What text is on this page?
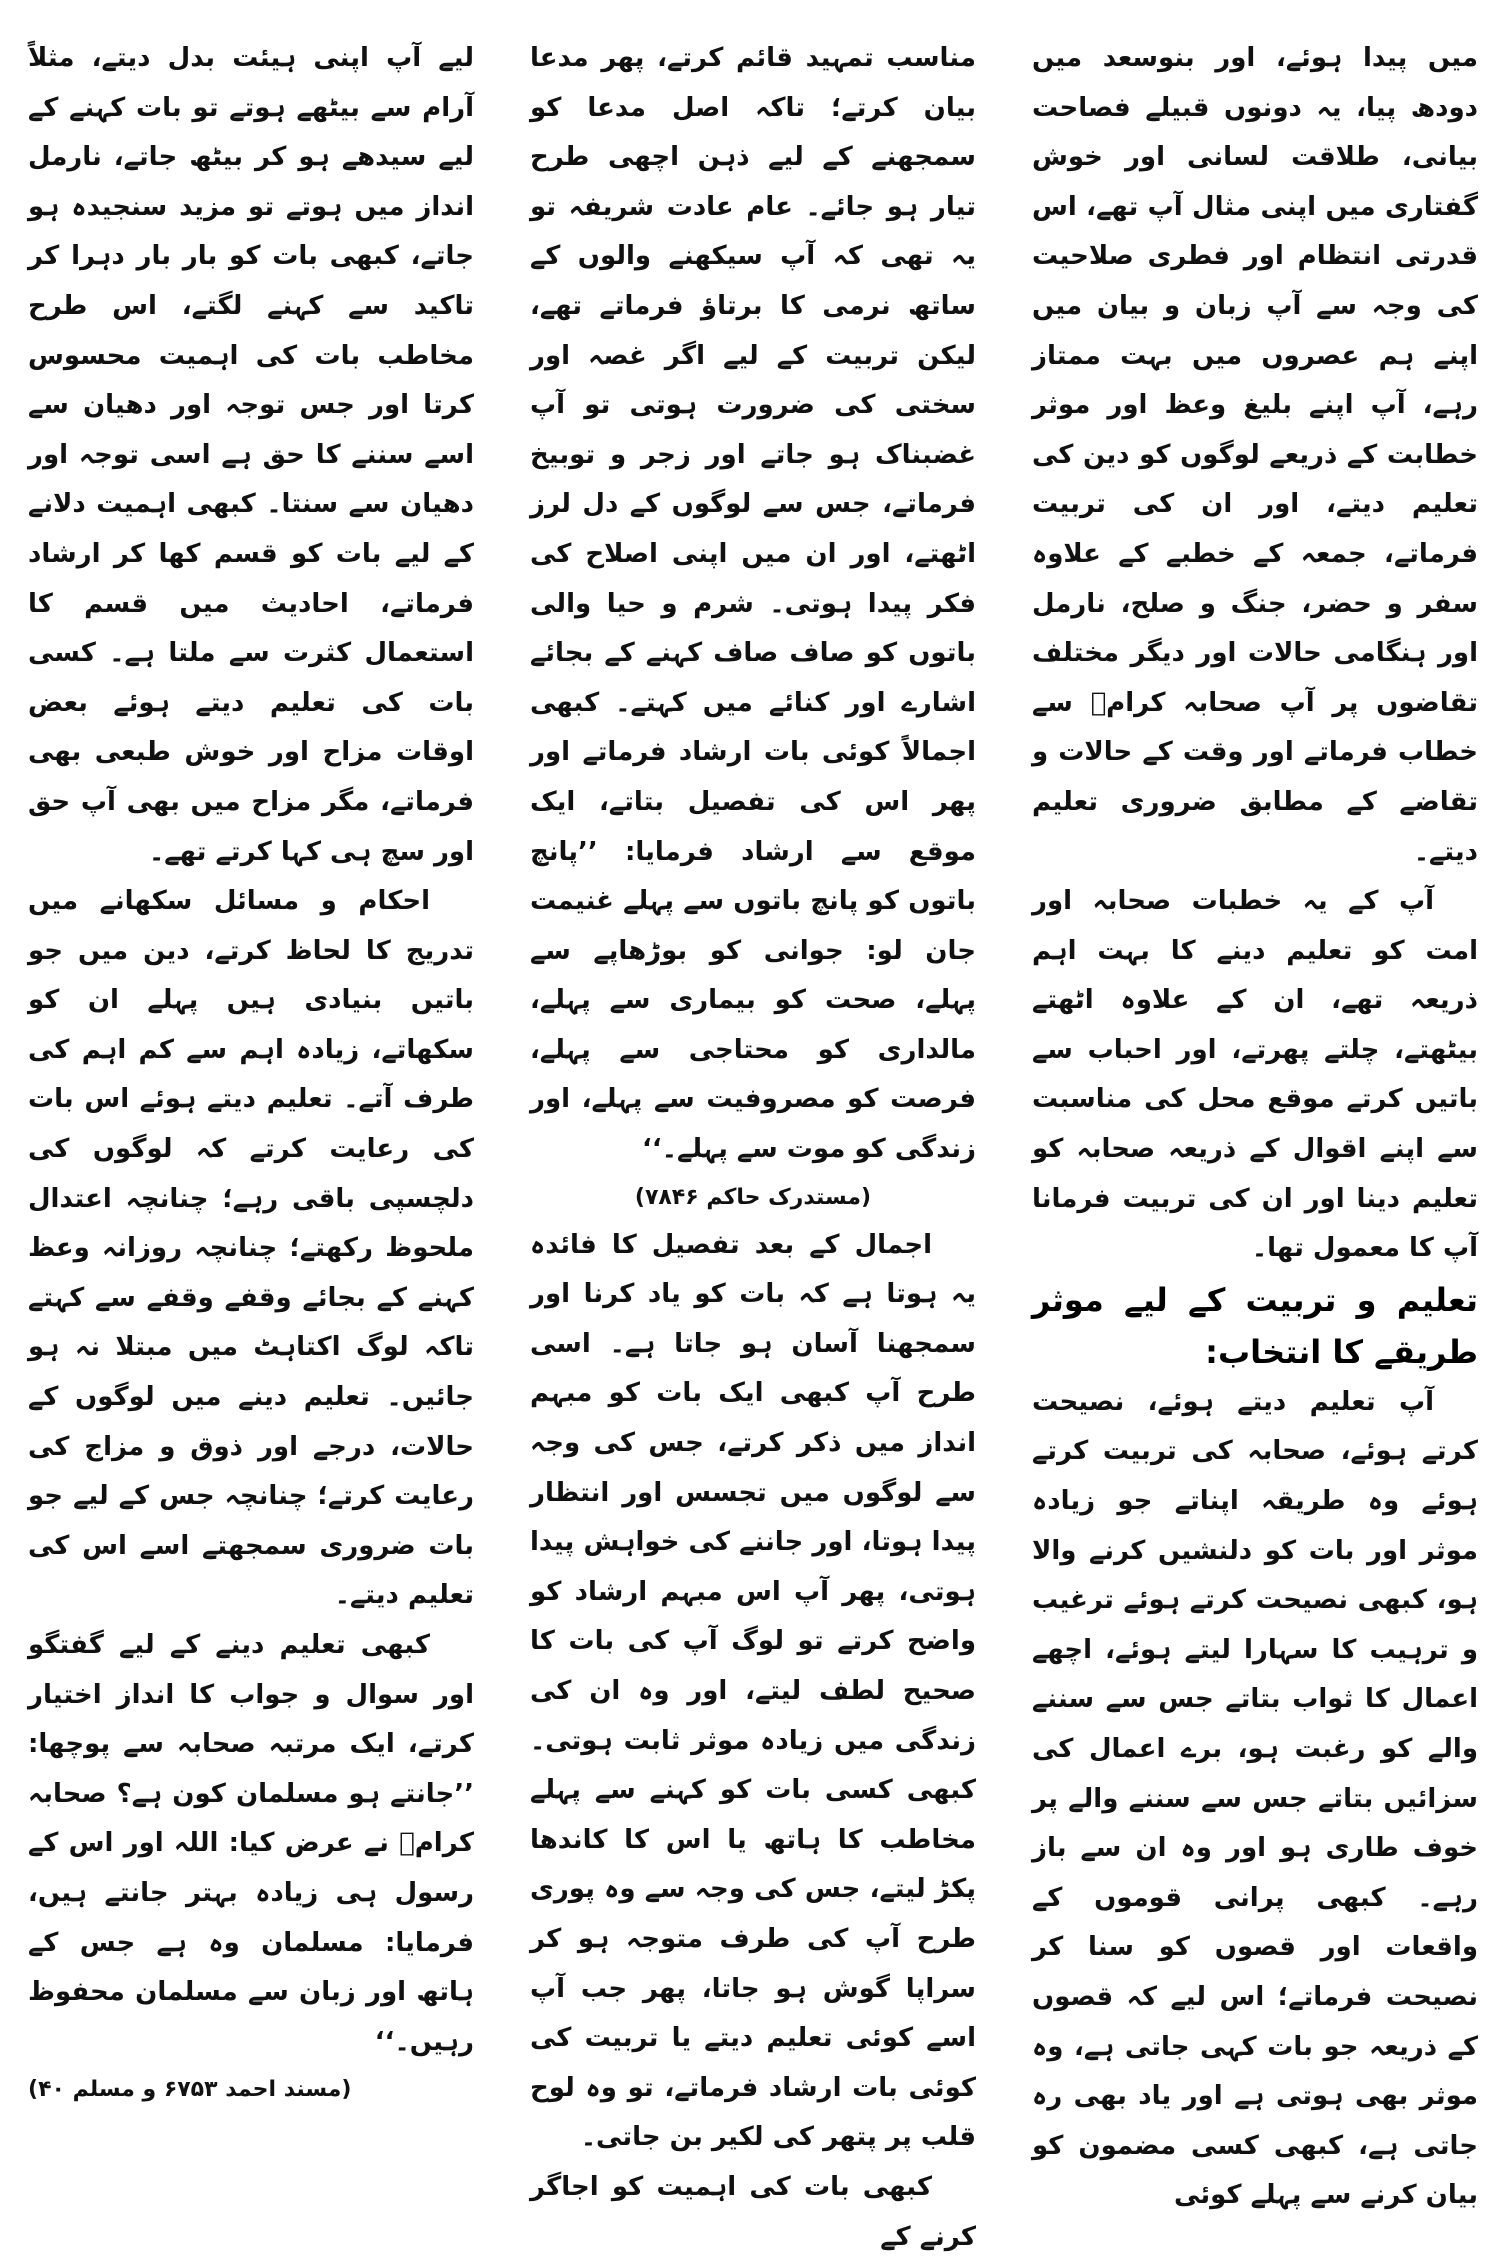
میں پیدا ہوئے، اور بنوسعد میں دودھ پیا، یہ دونوں قبیلے فصاحت بیانی، طلاقت لسانی اور خوش گفتاری میں اپنی مثال آپ تھے، اس قدرتی انتظام اور فطری صلاحیت کی وجہ سے آپ زبان و بیان میں اپنے ہم عصروں میں بہت ممتاز رہے، آپ اپنے بلیغ وعظ اور موثر خطابت کے ذریعے لوگوں کو دین کی تعلیم دیتے، اور ان کی تربیت فرماتے، جمعہ کے خطبے کے علاوہ سفر و حضر، جنگ و صلح، نارمل اور ہنگامی حالات اور دیگر مختلف تقاضوں پر آپ صحابہ کرامؓ سے خطاب فرماتے اور وقت کے حالات و تقاضے کے مطابق ضروری تعلیم دیتے۔

آپ کے یہ خطبات صحابہ اور امت کو تعلیم دینے کا بہت اہم ذریعہ تھے، ان کے علاوہ اٹھتے بیٹھتے، چلتے پھرتے، اور احباب سے باتیں کرتے موقع محل کی مناسبت سے اپنے اقوال کے ذریعہ صحابہ کو تعلیم دینا اور ان کی تربیت فرمانا آپ کا معمول تھا۔

تعلیم و تربیت کے لیے موثر طریقے کا انتخاب:

آپ تعلیم دیتے ہوئے، نصیحت کرتے ہوئے، صحابہ کی تربیت کرتے ہوئے وہ طریقہ اپناتے جو زیادہ موثر اور بات کو دلنشیں کرنے والا ہو، کبھی نصیحت کرتے ہوئے ترغیب و ترہیب کا سہارا لیتے ہوئے، اچھے اعمال کا ثواب بتاتے جس سے سننے والے کو رغبت ہو، برے اعمال کی سزائیں بتاتے جس سے سننے والے پر خوف طاری ہو اور وہ ان سے باز رہے۔ کبھی پرانی قوموں کے واقعات اور قصوں کو سنا کر نصیحت فرماتے؛ اس لیے کہ قصوں کے ذریعہ جو بات کہی جاتی ہے، وہ موثر بھی ہوتی ہے اور یاد بھی رہ جاتی ہے، کبھی کسی مضمون کو بیان کرنے سے پہلے کوئی

مناسب تمہید قائم کرتے، پھر مدعا بیان کرتے؛ تاکہ اصل مدعا کو سمجھنے کے لیے ذہن اچھی طرح تیار ہو جائے۔ عام عادت شریفہ تو یہ تھی کہ آپ سیکھنے والوں کے ساتھ نرمی کا برتاؤ فرماتے تھے، لیکن تربیت کے لیے اگر غصہ اور سختی کی ضرورت ہوتی تو آپ غضبناک ہو جاتے اور زجر و توبیخ فرماتے، جس سے لوگوں کے دل لرز اٹھتے، اور ان میں اپنی اصلاح کی فکر پیدا ہوتی۔ شرم و حیا والی باتوں کو صاف صاف کہنے کے بجائے اشارے اور کنائے میں کہتے۔ کبھی اجمالاً کوئی بات ارشاد فرماتے اور پھر اس کی تفصیل بتاتے، ایک موقع سے ارشاد فرمایا: ’’پانچ باتوں کو پانچ باتوں سے پہلے غنیمت جان لو: جوانی کو بوڑھاپے سے پہلے، صحت کو بیماری سے پہلے، مالداری کو محتاجی سے پہلے، فرصت کو مصروفیت سے پہلے، اور زندگی کو موت سے پہلے۔‘‘

(مستدرک حاکم ۷۸۴۶)

اجمال کے بعد تفصیل کا فائدہ یہ ہوتا ہے کہ بات کو یاد کرنا اور سمجھنا آسان ہو جاتا ہے۔ اسی طرح آپ کبھی ایک بات کو مبہم انداز میں ذکر کرتے، جس کی وجہ سے لوگوں میں تجسس اور انتظار پیدا ہوتا، اور جاننے کی خواہش پیدا ہوتی، پھر آپ اس مبہم ارشاد کو واضح کرتے تو لوگ آپ کی بات کا صحیح لطف لیتے، اور وہ ان کی زندگی میں زیادہ موثر ثابت ہوتی۔ کبھی کسی بات کو کہنے سے پہلے مخاطب کا ہاتھ یا اس کا کاندھا پکڑ لیتے، جس کی وجہ سے وہ پوری طرح آپ کی طرف متوجہ ہو کر سراپا گوش ہو جاتا، پھر جب آپ اسے کوئی تعلیم دیتے یا تربیت کی کوئی بات ارشاد فرماتے، تو وہ لوح قلب پر پتھر کی لکیر بن جاتی۔

کبھی بات کی اہمیت کو اجاگر کرنے کے

لیے آپ اپنی ہیئت بدل دیتے، مثلاً آرام سے بیٹھے ہوتے تو بات کہنے کے لیے سیدھے ہو کر بیٹھ جاتے، نارمل انداز میں ہوتے تو مزید سنجیدہ ہو جاتے، کبھی بات کو بار بار دہرا کر تاکید سے کہنے لگتے، اس طرح مخاطب بات کی اہمیت محسوس کرتا اور جس توجہ اور دھیان سے اسے سننے کا حق ہے اسی توجہ اور دھیان سے سنتا۔ کبھی اہمیت دلانے کے لیے بات کو قسم کھا کر ارشاد فرماتے، احادیث میں قسم کا استعمال کثرت سے ملتا ہے۔ کسی بات کی تعلیم دیتے ہوئے بعض اوقات مزاح اور خوش طبعی بھی فرماتے، مگر مزاح میں بھی آپ حق اور سچ ہی کہا کرتے تھے۔

احکام و مسائل سکھانے میں تدریج کا لحاظ کرتے، دین میں جو باتیں بنیادی ہیں پہلے ان کو سکھاتے، زیادہ اہم سے کم اہم کی طرف آتے۔ تعلیم دیتے ہوئے اس بات کی رعایت کرتے کہ لوگوں کی دلچسپی باقی رہے؛ چنانچہ اعتدال ملحوظ رکھتے؛ چنانچہ روزانہ وعظ کہنے کے بجائے وقفے وقفے سے کہتے تاکہ لوگ اکتاہٹ میں مبتلا نہ ہو جائیں۔ تعلیم دینے میں لوگوں کے حالات، درجے اور ذوق و مزاج کی رعایت کرتے؛ چنانچہ جس کے لیے جو بات ضروری سمجھتے اسے اس کی تعلیم دیتے۔

کبھی تعلیم دینے کے لیے گفتگو اور سوال و جواب کا انداز اختیار کرتے، ایک مرتبہ صحابہ سے پوچھا: ’’جانتے ہو مسلمان کون ہے؟ صحابہ کرامؓ نے عرض کیا: اللہ اور اس کے رسول ہی زیادہ بہتر جانتے ہیں، فرمایا: مسلمان وہ ہے جس کے ہاتھ اور زبان سے مسلمان محفوظ رہیں۔‘‘

(مسند احمد ۶۷۵۳ و مسلم ۴۰)
